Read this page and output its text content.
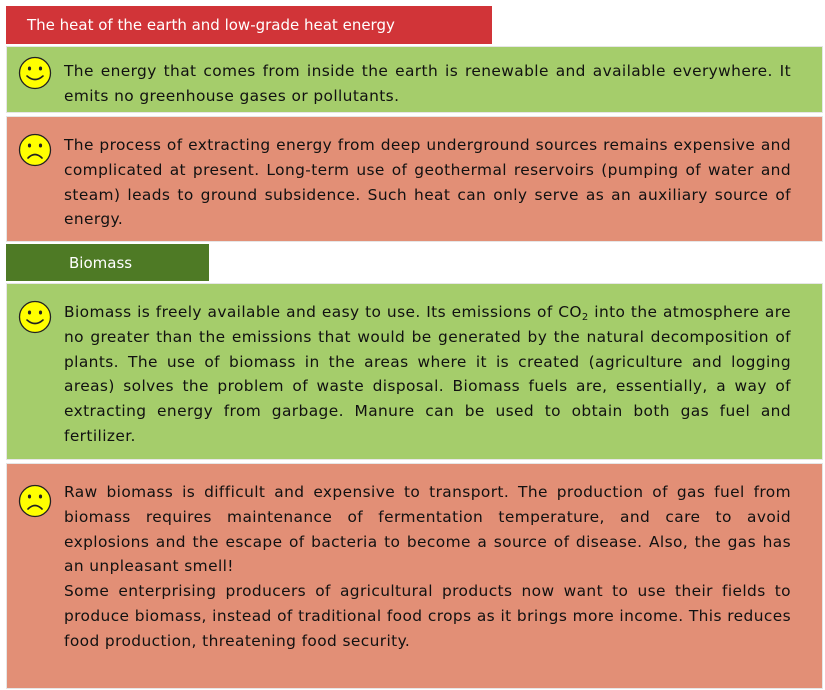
The heat of the earth and low-grade heat energy

The energy that comes from inside the earth is renewable and available everywhere. It emits no greenhouse gases or pollutants.

The process of extracting energy from deep underground sources remains expensive and complicated at present. Long-term use of geothermal reservoirs (pumping of water and steam) leads to ground subsidence. Such heat can only serve as an auxiliary source of energy.

Biomass

Biomass is freely available and easy to use. Its emissions of $CO_2$ into the atmosphere are no greater than the emissions that would be generated by the natural decomposition of plants. The use of biomass in the areas where it is created (agriculture and logging areas) solves the problem of waste disposal. Biomass fuels are, essentially, a way of extracting energy from garbage. Manure can be used to obtain both gas fuel and fertilizer.

Raw biomass is difficult and expensive to transport. The production of gas fuel from biomass requires maintenance of fermentation temperature, and care to avoid explosions and the escape of bacteria to become a source of disease. Also, the gas has an unpleasant smell!
Some enterprising producers of agricultural products now want to use their fields to produce biomass, instead of traditional food crops as it brings more income. This reduces food production, threatening food security.
